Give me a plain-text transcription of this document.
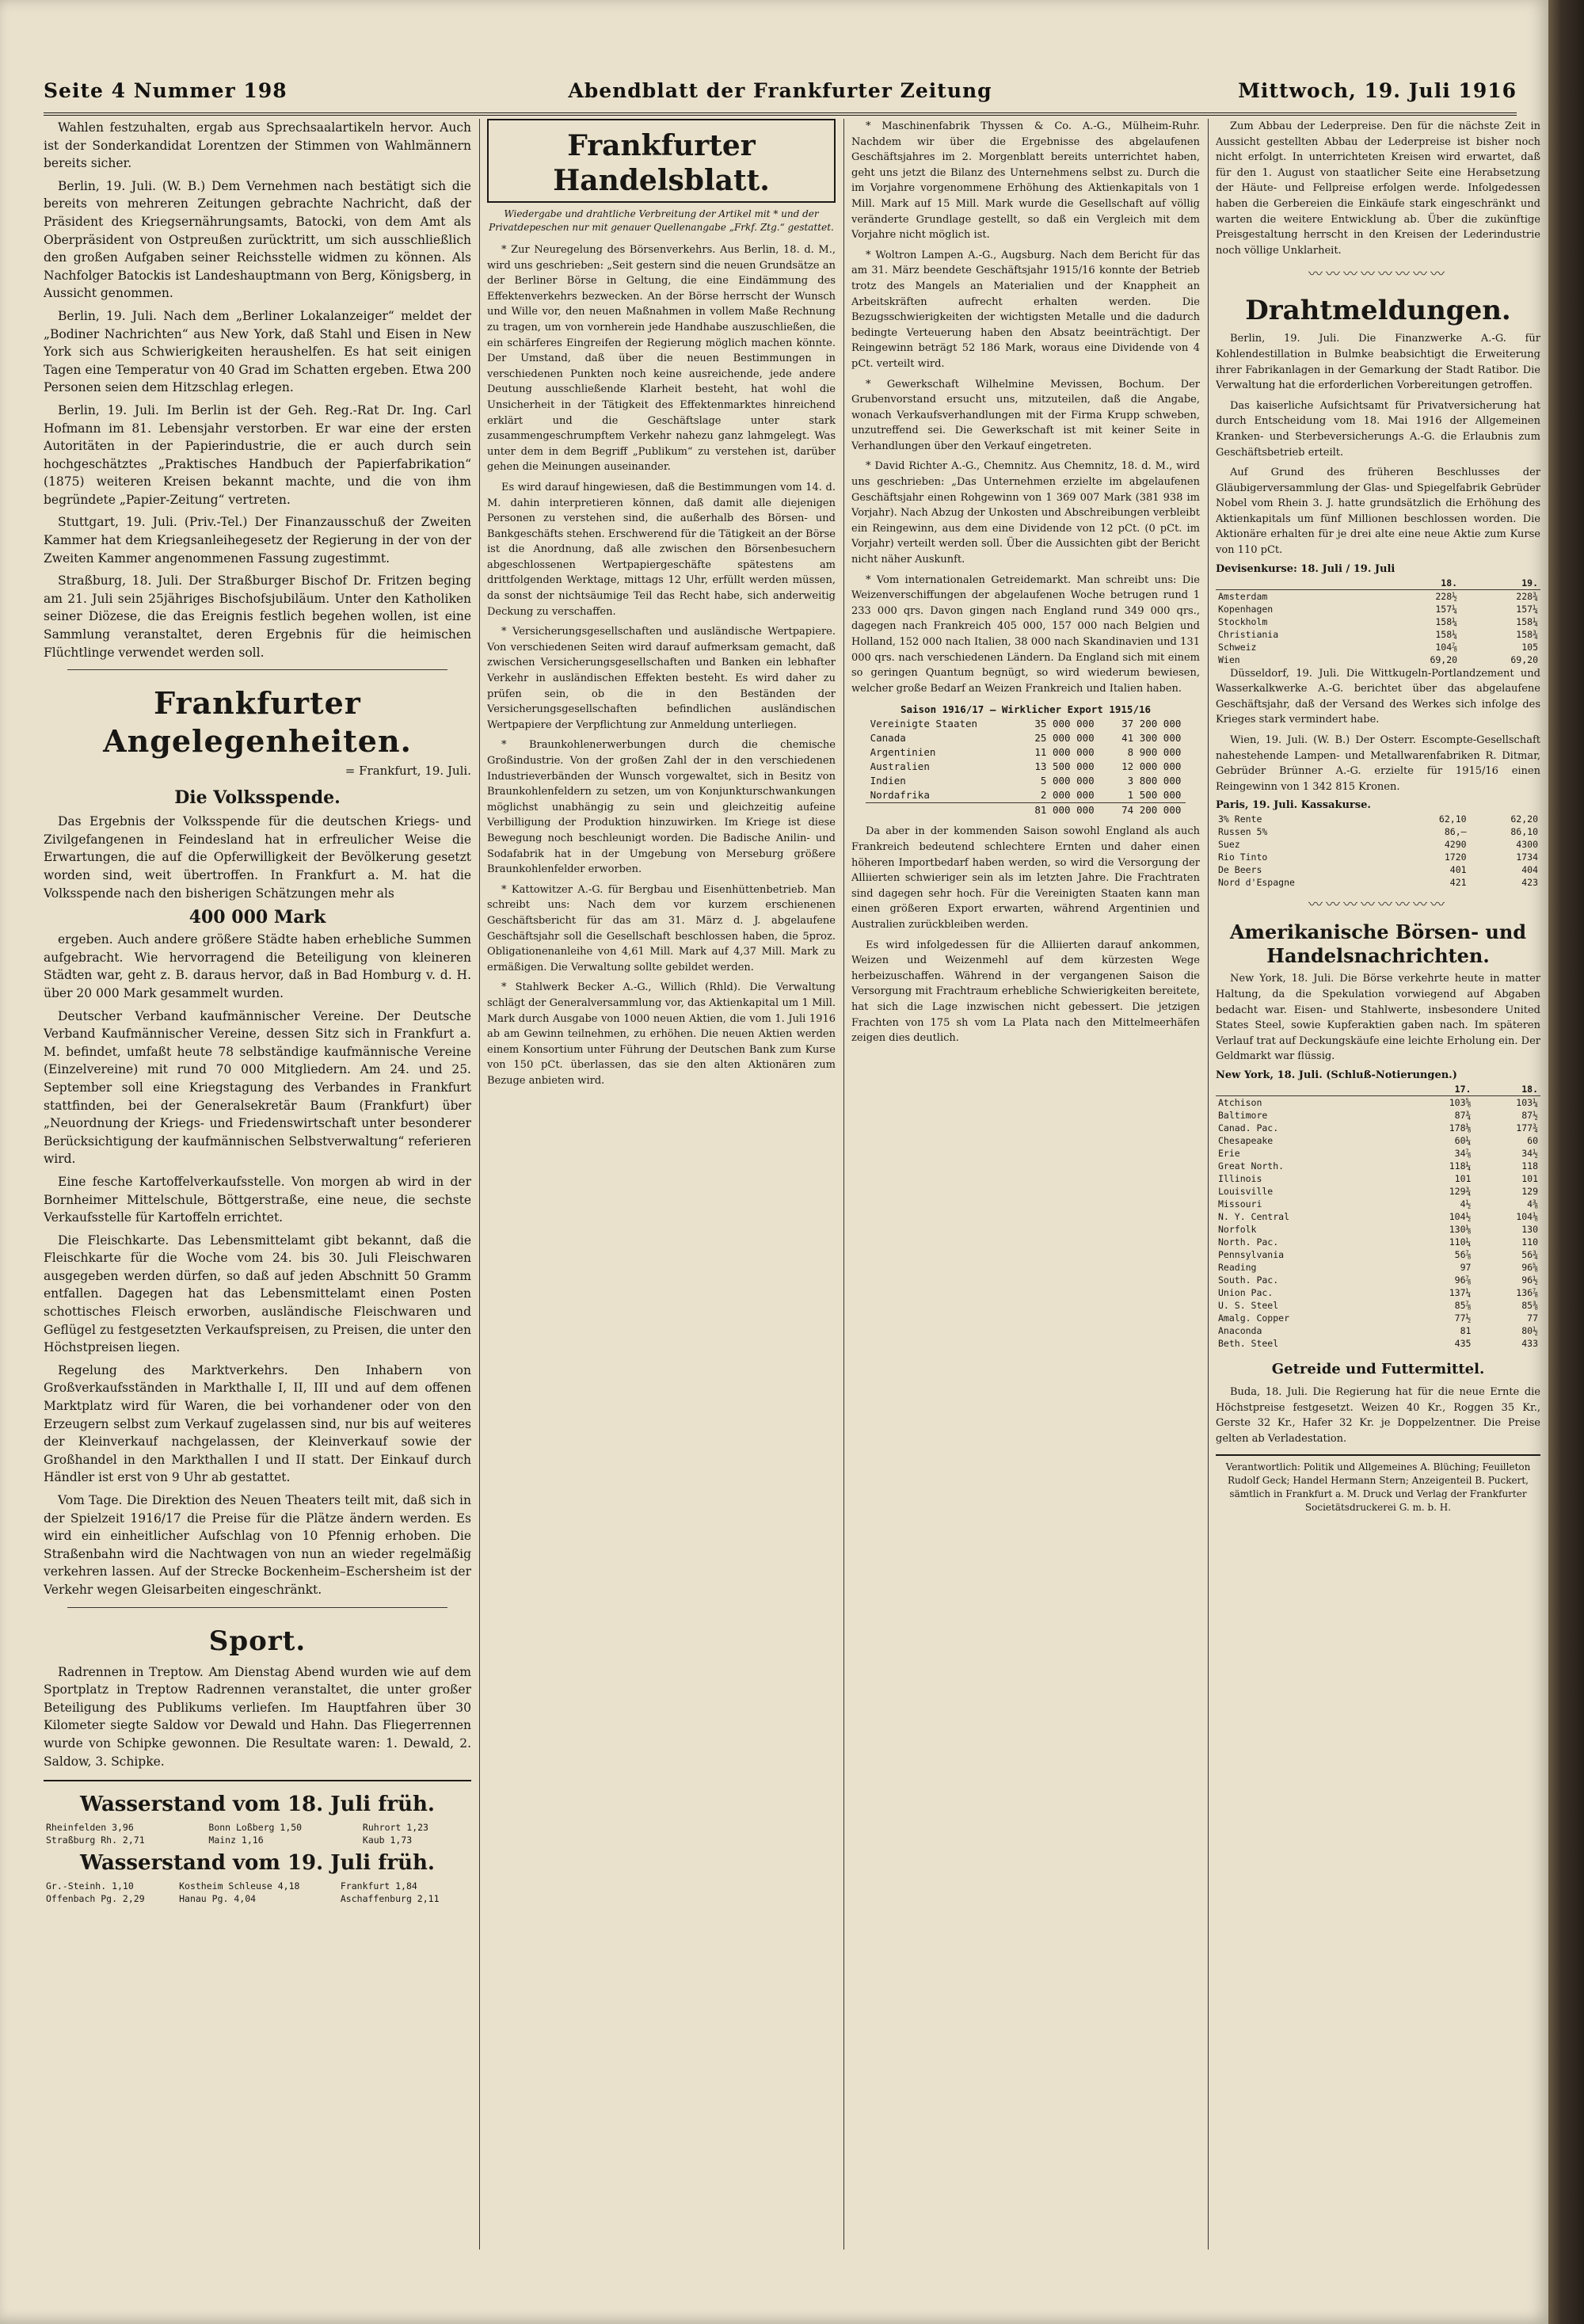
Seite 4 Nummer 198	Abendblatt der Frankfurter Zeitung	Mittwoch, 19. Juli 1916

Wahlen festzuhalten, ergab aus Sprechsaalartikeln hervor. Auch ist der Sonderkandidat Lorentzen der Stimmen von Wahlmännern bereits sicher.

Berlin, 19. Juli. (W. B.) Dem Vernehmen nach bestätigt sich die bereits von mehreren Zeitungen gebrachte Nachricht, daß der Präsident des Kriegsernährungsamts, Batocki, von dem Amt als Oberpräsident von Ostpreußen zurücktritt, um sich ausschließlich den großen Aufgaben seiner Reichsstelle widmen zu können. Als Nachfolger Batockis ist Landeshauptmann von Berg, Königsberg, in Aussicht genommen.

Berlin, 19. Juli. Nach dem „Berliner Lokalanzeiger“ meldet der „Bodiner Nachrichten“ aus New York, daß Stahl und Eisen in New York sich aus Schwierigkeiten heraushelfen. Es hat seit einigen Tagen eine Temperatur von 40 Grad im Schatten ergeben. Etwa 200 Personen seien dem Hitzschlag erlegen.

Berlin, 19. Juli. Im Berlin ist der Geh. Reg.-Rat Dr. Ing. Carl Hofmann im 81. Lebensjahr verstorben. Er war eine der ersten Autoritäten in der Papierindustrie, die er auch durch sein hochgeschätztes „Praktisches Handbuch der Papierfabrikation“ (1875) weiteren Kreisen bekannt machte, und die von ihm begründete „Papier-Zeitung“ vertreten.

Stuttgart, 19. Juli. (Priv.-Tel.) Der Finanzausschuß der Zweiten Kammer hat dem Kriegsanleihegesetz der Regierung in der von der Zweiten Kammer angenommenen Fassung zugestimmt.

Straßburg, 18. Juli. Der Straßburger Bischof Dr. Fritzen beging am 21. Juli sein 25jähriges Bischofsjubiläum. Unter den Katholiken seiner Diözese, die das Ereignis festlich begehen wollen, ist eine Sammlung veranstaltet, deren Ergebnis für die heimischen Flüchtlinge verwendet werden soll.

Frankfurter Angelegenheiten.
= Frankfurt, 19. Juli.
Die Volksspende.

Das Ergebnis der Volksspende für die deutschen Kriegs- und Zivilgefangenen in Feindesland hat in erfreulicher Weise die Erwartungen, die auf die Opferwilligkeit der Bevölkerung gesetzt worden sind, weit übertroffen. In Frankfurt a. M. hat die Volksspende nach den bisherigen Schätzungen mehr als

400 000 Mark

ergeben. Auch andere größere Städte haben erhebliche Summen aufgebracht. Wie hervorragend die Beteiligung von kleineren Städten war, geht z. B. daraus hervor, daß in Bad Homburg v. d. H. über 20 000 Mark gesammelt wurden.

Deutscher Verband kaufmännischer Vereine. Der Deutsche Verband Kaufmännischer Vereine, dessen Sitz sich in Frankfurt a. M. befindet, umfaßt heute 78 selbständige kaufmännische Vereine (Einzelvereine) mit rund 70 000 Mitgliedern. Am 24. und 25. September soll eine Kriegstagung des Verbandes in Frankfurt stattfinden, bei der Generalsekretär Baum (Frankfurt) über „Neuordnung der Kriegs- und Friedenswirtschaft unter besonderer Berücksichtigung der kaufmännischen Selbstverwaltung“ referieren wird.

Eine fesche Kartoffelverkaufsstelle. Von morgen ab wird in der Bornheimer Mittelschule, Böttgerstraße, eine neue, die sechste Verkaufsstelle für Kartoffeln errichtet.

Die Fleischkarte. Das Lebensmittelamt gibt bekannt, daß die Fleischkarte für die Woche vom 24. bis 30. Juli Fleischwaren ausgegeben werden dürfen, so daß auf jeden Abschnitt 50 Gramm entfallen. Dagegen hat das Lebensmittelamt einen Posten schottisches Fleisch erworben, ausländische Fleischwaren und Geflügel zu festgesetzten Verkaufspreisen, zu Preisen, die unter den Höchstpreisen liegen.

Regelung des Marktverkehrs. Den Inhabern von Großverkaufsständen in Markthalle I, II, III und auf dem offenen Marktplatz wird für Waren, die bei vorhandener oder von den Erzeugern selbst zum Verkauf zugelassen sind, nur bis auf weiteres der Kleinverkauf nachgelassen, der Kleinverkauf sowie der Großhandel in den Markthallen I und II statt. Der Einkauf durch Händler ist erst von 9 Uhr ab gestattet.

Vom Tage. Die Direktion des Neuen Theaters teilt mit, daß sich in der Spielzeit 1916/17 die Preise für die Plätze ändern werden. Es wird ein einheitlicher Aufschlag von 10 Pfennig erhoben. Die Straßenbahn wird die Nachtwagen von nun an wieder regelmäßig verkehren lassen. Auf der Strecke Bockenheim–Eschersheim ist der Verkehr wegen Gleisarbeiten eingeschränkt.

Sport.

Radrennen in Treptow. Am Dienstag Abend wurden wie auf dem Sportplatz in Treptow Radrennen veranstaltet, die unter großer Beteiligung des Publikums verliefen. Im Hauptfahren über 30 Kilometer siegte Saldow vor Dewald und Hahn. Das Fliegerrennen wurde von Schipke gewonnen. Die Resultate waren: 1. Dewald, 2. Saldow, 3. Schipke.

Wasserstand vom 18. Juli früh.
Rheinfelden 3,96	Bonn Loßberg 1,50	Ruhrort 1,23
Straßburg Rh. 2,71	Mainz 1,16	Kaub 1,73
Wasserstand vom 19. Juli früh.
Gr.-Steinh. 1,10	Kostheim Schleuse 4,18	Frankfurt 1,84
Offenbach Pg. 2,29	Hanau Pg. 4,04	Aschaffenburg 2,11
Frankfurter Handelsblatt.
Wiedergabe und drahtliche Verbreitung der Artikel mit * und der Privatdepeschen nur mit genauer Quellenangabe „Frkf. Ztg.“ gestattet.

* Zur Neuregelung des Börsenverkehrs. Aus Berlin, 18. d. M., wird uns geschrieben: „Seit gestern sind die neuen Grundsätze an der Berliner Börse in Geltung, die eine Eindämmung des Effektenverkehrs bezwecken. An der Börse herrscht der Wunsch und Wille vor, den neuen Maßnahmen in vollem Maße Rechnung zu tragen, um von vornherein jede Handhabe auszuschließen, die ein schärferes Eingreifen der Regierung möglich machen könnte. Der Umstand, daß über die neuen Bestimmungen in verschiedenen Punkten noch keine ausreichende, jede andere Deutung ausschließende Klarheit besteht, hat wohl die Unsicherheit in der Tätigkeit des Effektenmarktes hinreichend erklärt und die Geschäftslage unter stark zusammengeschrumpftem Verkehr nahezu ganz lahmgelegt. Was unter dem in dem Begriff „Publikum“ zu verstehen ist, darüber gehen die Meinungen auseinander.

Es wird darauf hingewiesen, daß die Bestimmungen vom 14. d. M. dahin interpretieren können, daß damit alle diejenigen Personen zu verstehen sind, die außerhalb des Börsen- und Bankgeschäfts stehen. Erschwerend für die Tätigkeit an der Börse ist die Anordnung, daß alle zwischen den Börsenbesuchern abgeschlossenen Wertpapiergeschäfte spätestens am drittfolgenden Werktage, mittags 12 Uhr, erfüllt werden müssen, da sonst der nichtsäumige Teil das Recht habe, sich anderweitig Deckung zu verschaffen.

* Versicherungsgesellschaften und ausländische Wertpapiere. Von verschiedenen Seiten wird darauf aufmerksam gemacht, daß zwischen Versicherungsgesellschaften und Banken ein lebhafter Verkehr in ausländischen Effekten besteht. Es wird daher zu prüfen sein, ob die in den Beständen der Versicherungsgesellschaften befindlichen ausländischen Wertpapiere der Verpflichtung zur Anmeldung unterliegen.

* Braunkohlenerwerbungen durch die chemische Großindustrie. Von der großen Zahl der in den verschiedenen Industrieverbänden der Wunsch vorgewaltet, sich in Besitz von Braunkohlenfeldern zu setzen, um von Konjunkturschwankungen möglichst unabhängig zu sein und gleichzeitig aufeine Verbilligung der Produktion hinzuwirken. Im Kriege ist diese Bewegung noch beschleunigt worden. Die Badische Anilin- und Sodafabrik hat in der Umgebung von Merseburg größere Braunkohlenfelder erworben.

* Kattowitzer A.-G. für Bergbau und Eisenhüttenbetrieb. Man schreibt uns: Nach dem vor kurzem erschienenen Geschäftsbericht für das am 31. März d. J. abgelaufene Geschäftsjahr soll die Gesellschaft beschlossen haben, die 5proz. Obligationenanleihe von 4,61 Mill. Mark auf 4,37 Mill. Mark zu ermäßigen. Die Verwaltung sollte gebildet werden.

* Stahlwerk Becker A.-G., Willich (Rhld). Die Verwaltung schlägt der Generalversammlung vor, das Aktienkapital um 1 Mill. Mark durch Ausgabe von 1000 neuen Aktien, die vom 1. Juli 1916 ab am Gewinn teilnehmen, zu erhöhen. Die neuen Aktien werden einem Konsortium unter Führung der Deutschen Bank zum Kurse von 150 pCt. überlassen, das sie den alten Aktionären zum Bezuge anbieten wird.

* Maschinenfabrik Thyssen & Co. A.-G., Mülheim-Ruhr. Nachdem wir über die Ergebnisse des abgelaufenen Geschäftsjahres im 2. Morgenblatt bereits unterrichtet haben, geht uns jetzt die Bilanz des Unternehmens selbst zu. Durch die im Vorjahre vorgenommene Erhöhung des Aktienkapitals von 1 Mill. Mark auf 15 Mill. Mark wurde die Gesellschaft auf völlig veränderte Grundlage gestellt, so daß ein Vergleich mit dem Vorjahre nicht möglich ist.

* Woltron Lampen A.-G., Augsburg. Nach dem Bericht für das am 31. März beendete Geschäftsjahr 1915/16 konnte der Betrieb trotz des Mangels an Materialien und der Knappheit an Arbeitskräften aufrecht erhalten werden. Die Bezugsschwierigkeiten der wichtigsten Metalle und die dadurch bedingte Verteuerung haben den Absatz beeinträchtigt. Der Reingewinn beträgt 52 186 Mark, woraus eine Dividende von 4 pCt. verteilt wird.

* Gewerkschaft Wilhelmine Mevissen, Bochum. Der Grubenvorstand ersucht uns, mitzuteilen, daß die Angabe, wonach Verkaufsverhandlungen mit der Firma Krupp schweben, unzutreffend sei. Die Gewerkschaft ist mit keiner Seite in Verhandlungen über den Verkauf eingetreten.

* David Richter A.-G., Chemnitz. Aus Chemnitz, 18. d. M., wird uns geschrieben: „Das Unternehmen erzielte im abgelaufenen Geschäftsjahr einen Rohgewinn von 1 369 007 Mark (381 938 im Vorjahr). Nach Abzug der Unkosten und Abschreibungen verbleibt ein Reingewinn, aus dem eine Dividende von 12 pCt. (0 pCt. im Vorjahr) verteilt werden soll. Über die Aussichten gibt der Bericht nicht näher Auskunft.

* Vom internationalen Getreidemarkt. Man schreibt uns: Die Weizenverschiffungen der abgelaufenen Woche betrugen rund 1 233 000 qrs. Davon gingen nach England rund 349 000 qrs., dagegen nach Frankreich 405 000, 157 000 nach Belgien und Holland, 152 000 nach Italien, 38 000 nach Skandinavien und 131 000 qrs. nach verschiedenen Ländern. Da England sich mit einem so geringen Quantum begnügt, so wird wiederum bewiesen, welcher große Bedarf an Weizen Frankreich und Italien haben.

Saison 1916/17 — Wirklicher Export 1915/16		
Vereinigte Staaten	35 000 000	37 200 000
Canada	25 000 000	41 300 000
Argentinien	11 000 000	8 900 000
Australien	13 500 000	12 000 000
Indien	5 000 000	3 800 000
Nordafrika	2 000 000	1 500 000
	81 000 000	74 200 000

Da aber in der kommenden Saison sowohl England als auch Frankreich bedeutend schlechtere Ernten und daher einen höheren Importbedarf haben werden, so wird die Versorgung der Alliierten schwieriger sein als im letzten Jahre. Die Frachtraten sind dagegen sehr hoch. Für die Vereinigten Staaten kann man einen größeren Export erwarten, während Argentinien und Australien zurückbleiben werden.

Es wird infolgedessen für die Alliierten darauf ankommen, Weizen und Weizenmehl auf dem kürzesten Wege herbeizuschaffen. Während in der vergangenen Saison die Versorgung mit Frachtraum erhebliche Schwierigkeiten bereitete, hat sich die Lage inzwischen nicht gebessert. Die jetzigen Frachten von 175 sh vom La Plata nach den Mittelmeerhäfen zeigen dies deutlich.

Zum Abbau der Lederpreise. Den für die nächste Zeit in Aussicht gestellten Abbau der Lederpreise ist bisher noch nicht erfolgt. In unterrichteten Kreisen wird erwartet, daß für den 1. August von staatlicher Seite eine Herabsetzung der Häute- und Fellpreise erfolgen werde. Infolgedessen haben die Gerbereien die Einkäufe stark eingeschränkt und warten die weitere Entwicklung ab. Über die zukünftige Preisgestaltung herrscht in den Kreisen der Lederindustrie noch völlige Unklarheit.

〰〰〰〰〰〰〰〰
Drahtmeldungen.

Berlin, 19. Juli. Die Finanzwerke A.-G. für Kohlendestillation in Bulmke beabsichtigt die Erweiterung ihrer Fabrikanlagen in der Gemarkung der Stadt Ratibor. Die Verwaltung hat die erforderlichen Vorbereitungen getroffen.

Das kaiserliche Aufsichtsamt für Privatversicherung hat durch Entscheidung vom 18. Mai 1916 der Allgemeinen Kranken- und Sterbeversicherungs A.-G. die Erlaubnis zum Geschäftsbetrieb erteilt.

Auf Grund des früheren Beschlusses der Gläubigerversammlung der Glas- und Spiegelfabrik Gebrüder Nobel vom Rhein 3. J. hatte grundsätzlich die Erhöhung des Aktienkapitals um fünf Millionen beschlossen worden. Die Aktionäre erhalten für je drei alte eine neue Aktie zum Kurse von 110 pCt.

Devisenkurse: 18. Juli / 19. Juli
	18.	19.
Amsterdam	228½	228¾
Kopenhagen	157¼	157¼
Stockholm	158¼	158¼
Christiania	158¼	158¾
Schweiz	104⅞	105
Wien	69,20	69,20

Düsseldorf, 19. Juli. Die Wittkugeln-Portlandzement und Wasserkalkwerke A.-G. berichtet über das abgelaufene Geschäftsjahr, daß der Versand des Werkes sich infolge des Krieges stark vermindert habe.

Wien, 19. Juli. (W. B.) Der Osterr. Escompte-Gesellschaft nahestehende Lampen- und Metallwarenfabriken R. Ditmar, Gebrüder Brünner A.-G. erzielte für 1915/16 einen Reingewinn von 1 342 815 Kronen.

Paris, 19. Juli. Kassakurse.
3% Rente	62,10	62,20
Russen 5%	86,—	86,10
Suez	4290	4300
Rio Tinto	1720	1734
De Beers	401	404
Nord d'Espagne	421	423
〰〰〰〰〰〰〰〰
Amerikanische Börsen- und Handelsnachrichten.

New York, 18. Juli. Die Börse verkehrte heute in matter Haltung, da die Spekulation vorwiegend auf Abgaben bedacht war. Eisen- und Stahlwerte, insbesondere United States Steel, sowie Kupferaktien gaben nach. Im späteren Verlauf trat auf Deckungskäufe eine leichte Erholung ein. Der Geldmarkt war flüssig.

New York, 18. Juli. (Schluß-Notierungen.)
	17.	18.
Atchison	103⅝	103¼
Baltimore	87¾	87½
Canad. Pac.	178⅛	177¾
Chesapeake	60¼	60
Erie	34⅞	34½
Great North.	118¼	118
Illinois	101	101
Louisville	129¾	129
Missouri	4½	4⅜
N. Y. Central	104½	104⅛
Norfolk	130⅛	130
North. Pac.	110¼	110
Pennsylvania	56⅞	56¾
Reading	97	96⅝
South. Pac.	96⅞	96½
Union Pac.	137¼	136⅞
U. S. Steel	85⅞	85⅜
Amalg. Copper	77½	77
Anaconda	81	80½
Beth. Steel	435	433
Getreide und Futtermittel.

Buda, 18. Juli. Die Regierung hat für die neue Ernte die Höchstpreise festgesetzt. Weizen 40 Kr., Roggen 35 Kr., Gerste 32 Kr., Hafer 32 Kr. je Doppelzentner. Die Preise gelten ab Verladestation.

Verantwortlich: Politik und Allgemeines A. Blüching; Feuilleton Rudolf Geck; Handel Hermann Stern; Anzeigenteil B. Puckert, sämtlich in Frankfurt a. M. Druck und Verlag der Frankfurter Societätsdruckerei G. m. b. H.
